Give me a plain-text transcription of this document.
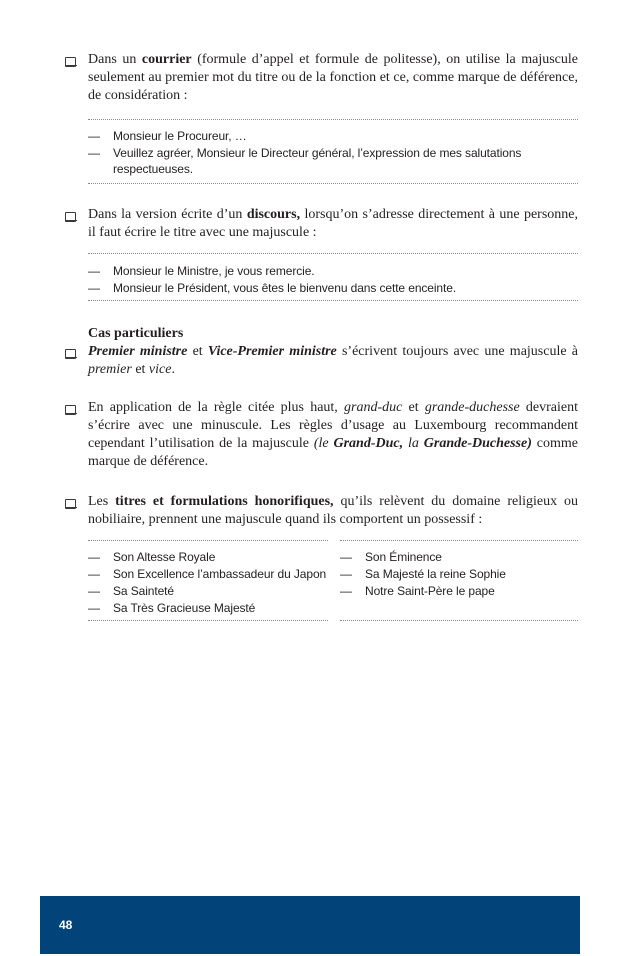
Dans un courrier (formule d’appel et formule de politesse), on utilise la majuscule seulement au premier mot du titre ou de la fonction et ce, comme marque de déférence, de considération :
— Monsieur le Procureur, …
— Veuillez agréer, Monsieur le Directeur général, l’expression de mes salutations respectueuses.
Dans la version écrite d’un discours, lorsqu’on s’adresse directement à une personne, il faut écrire le titre avec une majuscule :
— Monsieur le Ministre, je vous remercie.
— Monsieur le Président, vous êtes le bienvenu dans cette enceinte.
Cas particuliers
Premier ministre et Vice-Premier ministre s’écrivent toujours avec une majuscule à premier et vice.
En application de la règle citée plus haut, grand-duc et grande-duchesse devraient s’écrire avec une minuscule. Les règles d’usage au Luxembourg recommandent cependant l’utilisation de la majuscule (le Grand-Duc, la Grande-Duchesse) comme marque de déférence.
Les titres et formulations honorifiques, qu’ils relèvent du domaine religieux ou nobiliaire, prennent une majuscule quand ils comportent un possessif :
— Son Altesse Royale
— Son Excellence l’ambassadeur du Japon
— Sa Sainteté
— Sa Très Gracieuse Majesté
— Son Éminence
— Sa Majesté la reine Sophie
— Notre Saint-Père le pape
48
